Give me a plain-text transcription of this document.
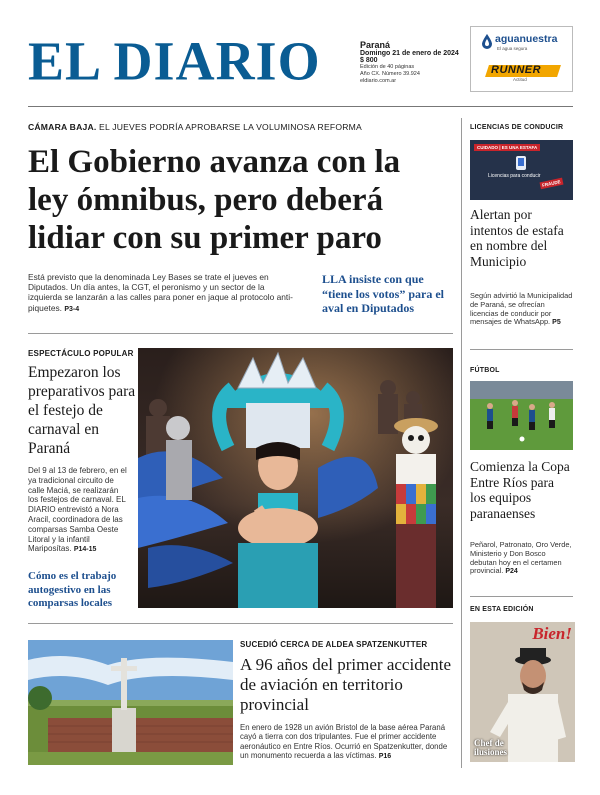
EL DIARIO	Paraná
Domingo 21 de enero de 2024
$ 800
Edición de 40 páginas
Año CX. Número 39.924
eldiario.com.ar
aguanuestra
El agua segura
RUNNER
Actitud
CÁMARA BAJA. EL JUEVES PODRÍA APROBARSE LA VOLUMINOSA REFORMA
El Gobierno avanza con la ley ómnibus, pero deberá lidiar con su primer paro
Está previsto que la denominada Ley Bases se trate el jueves en Diputados. Un día antes, la CGT, el peronismo y un sector de la izquierda se lanzarán a las calles para poner en jaque al protocolo anti-piquetes. P3-4
LLA insiste con que “tiene los votos” para el aval en Diputados
ESPECTÁCULO POPULAR
Empezaron los preparativos para el festejo de carnaval en Paraná
Del 9 al 13 de febrero, en el ya tradicional circuito de calle Maciá, se realizarán los festejos de carnaval. EL DIARIO entrevistó a Nora Aracil, coordinadora de las comparsas Samba Oeste Litoral y la infantil Mariposítas. P14-15
Cómo es el trabajo autogestivo en las comparsas locales
SUCEDIÓ CERCA DE ALDEA SPATZENKUTTER
A 96 años del primer accidente de aviación en territorio provincial
En enero de 1928 un avión Bristol de la base aérea Paraná cayó a tierra con dos tripulantes. Fue el primer accidente aeronáutico en Entre Ríos. Ocurrió en Spatzenkutter, donde un monumento recuerda a las víctimas. P16
LICENCIAS DE CONDUCIR
CUIDADO | ES UNA ESTAFA
Licencias para conducir
FRAUDE
Alertan por intentos de estafa en nombre del Municipio
Según advirtió la Municipalidad de Paraná, se ofrecían licencias de conducir por mensajes de WhatsApp. P5
FÚTBOL
Comienza la Copa Entre Ríos para los equipos paranaenses
Peñarol, Patronato, Oro Verde, Ministerio y Don Bosco debutan hoy en el certamen provincial. P24
EN ESTA EDICIÓN
Bien!
Chef de ilusiones
